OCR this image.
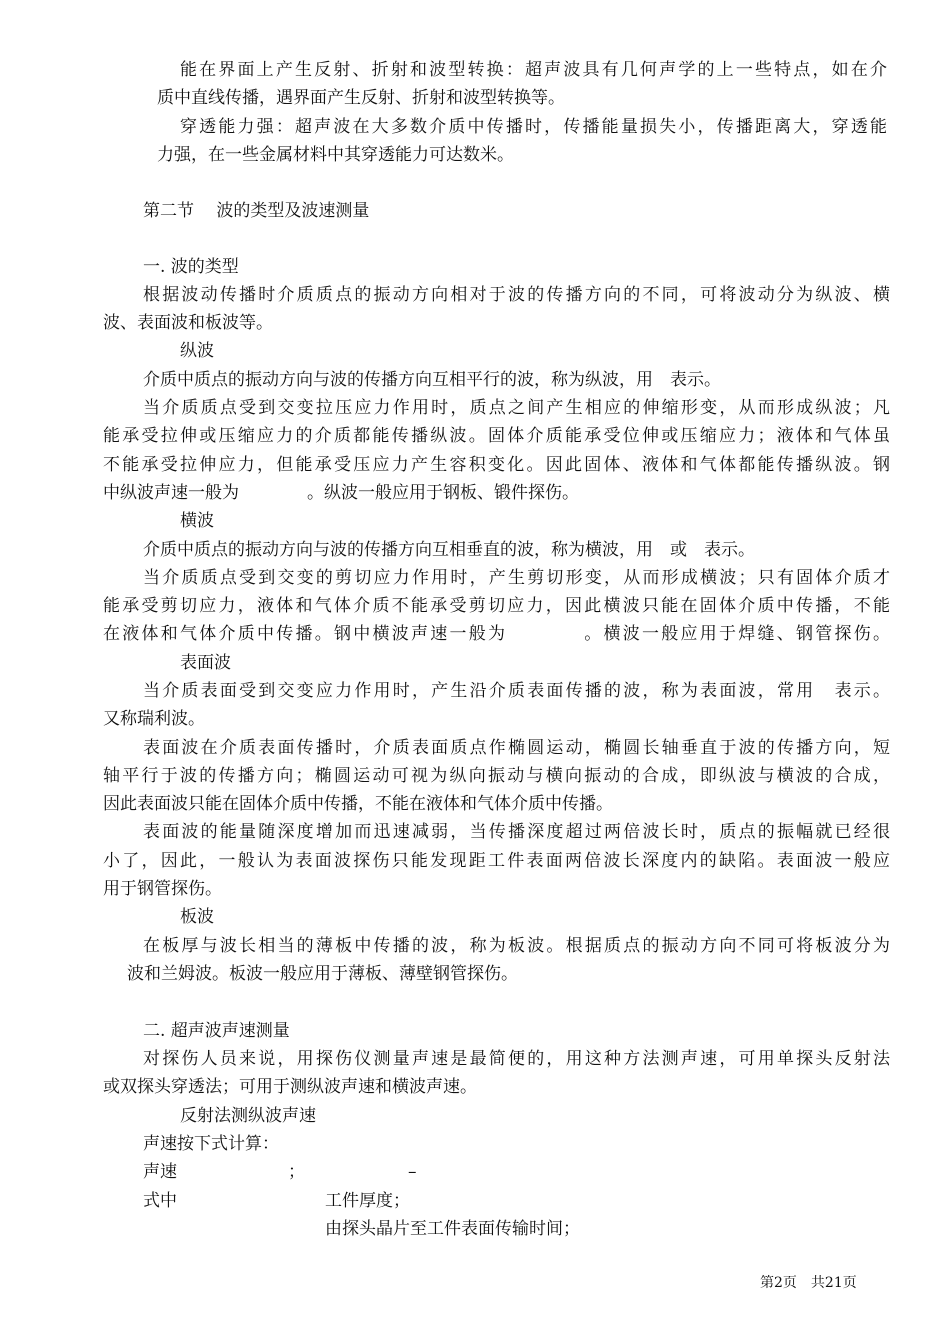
能在界面上产生反射、折射和波型转换：超声波具有几何声学的上一些特点，如在介
质中直线传播，遇界面产生反射、折射和波型转换等。
穿透能力强：超声波在大多数介质中传播时，传播能量损失小，传播距离大，穿透能
力强，在一些金属材料中其穿透能力可达数米。
第二节　 波的类型及波速测量
一. 波的类型
根据波动传播时介质质点的振动方向相对于波的传播方向的不同，可将波动分为纵波、横
波、表面波和板波等。
纵波
介质中质点的振动方向与波的传播方向互相平行的波，称为纵波，用　表示。
当介质质点受到交变拉压应力作用时，质点之间产生相应的伸缩形变，从而形成纵波；凡
能承受拉伸或压缩应力的介质都能传播纵波。固体介质能承受位伸或压缩应力；液体和气体虽
不能承受拉伸应力，但能承受压应力产生容积变化。因此固体、液体和气体都能传播纵波。钢
中纵波声速一般为　　　　。纵波一般应用于钢板、锻件探伤。
横波
介质中质点的振动方向与波的传播方向互相垂直的波，称为横波，用　或　表示。
当介质质点受到交变的剪切应力作用时，产生剪切形变，从而形成横波；只有固体介质才
能承受剪切应力，液体和气体介质不能承受剪切应力，因此横波只能在固体介质中传播，不能
在液体和气体介质中传播。钢中横波声速一般为　　　　。横波一般应用于焊缝、钢管探伤。
表面波
当介质表面受到交变应力作用时，产生沿介质表面传播的波，称为表面波，常用　表示。
又称瑞利波。
表面波在介质表面传播时，介质表面质点作椭圆运动，椭圆长轴垂直于波的传播方向，短
轴平行于波的传播方向；椭圆运动可视为纵向振动与横向振动的合成，即纵波与横波的合成，
因此表面波只能在固体介质中传播，不能在液体和气体介质中传播。
表面波的能量随深度增加而迅速减弱，当传播深度超过两倍波长时，质点的振幅就已经很
小了，因此，一般认为表面波探伤只能发现距工件表面两倍波长深度内的缺陷。表面波一般应
用于钢管探伤。
板波
在板厚与波长相当的薄板中传播的波，称为板波。根据质点的振动方向不同可将板波分为
波和兰姆波。板波一般应用于薄板、薄壁钢管探伤。
二. 超声波声速测量
对探伤人员来说，用探伤仪测量声速是最简便的，用这种方法测声速，可用单探头反射法
或双探头穿透法；可用于测纵波声速和横波声速。
反射法测纵波声速
声速按下式计算：
声速	；	–
式中	工件厚度；
由探头晶片至工件表面传输时间；
第2页　共21页
